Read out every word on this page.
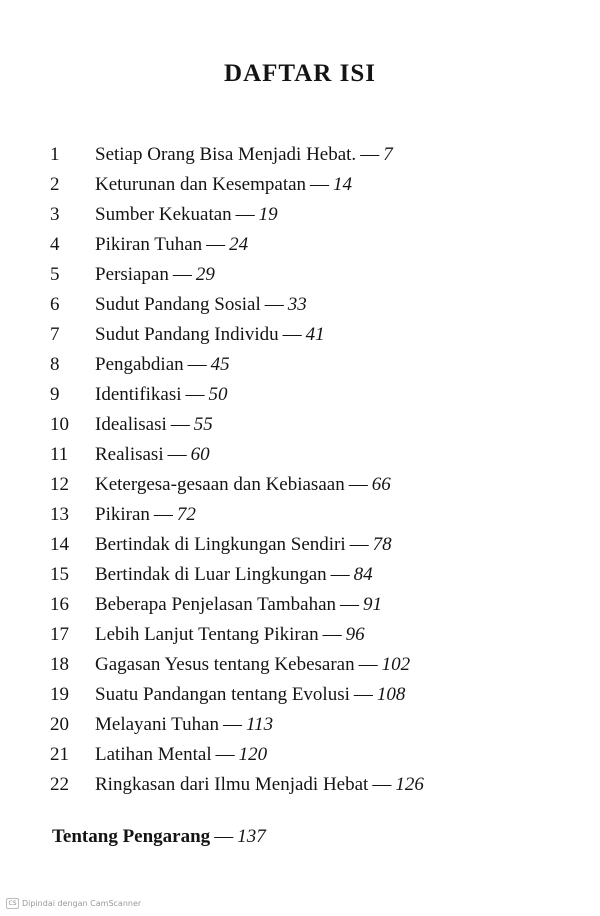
DAFTAR ISI
1 Setiap Orang Bisa Menjadi Hebat. — 7
2 Keturunan dan Kesempatan — 14
3 Sumber Kekuatan — 19
4 Pikiran Tuhan — 24
5 Persiapan — 29
6 Sudut Pandang Sosial — 33
7 Sudut Pandang Individu — 41
8 Pengabdian — 45
9 Identifikasi — 50
10 Idealisasi — 55
11 Realisasi — 60
12 Ketergesa-gesaan dan Kebiasaan — 66
13 Pikiran — 72
14 Bertindak di Lingkungan Sendiri — 78
15 Bertindak di Luar Lingkungan — 84
16 Beberapa Penjelasan Tambahan — 91
17 Lebih Lanjut Tentang Pikiran — 96
18 Gagasan Yesus tentang Kebesaran — 102
19 Suatu Pandangan tentang Evolusi — 108
20 Melayani Tuhan — 113
21 Latihan Mental — 120
22 Ringkasan dari Ilmu Menjadi Hebat — 126
Tentang Pengarang — 137
CS Dipindai dengan CamScanner
